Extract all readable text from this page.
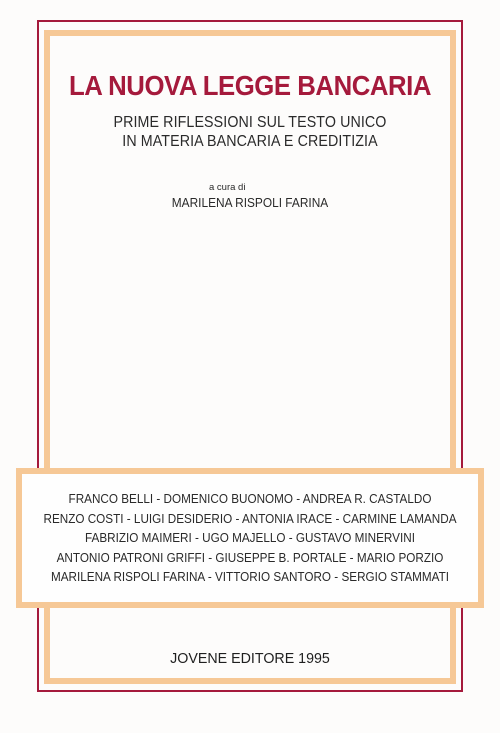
LA NUOVA LEGGE BANCARIA
PRIME RIFLESSIONI SUL TESTO UNICO
IN MATERIA BANCARIA E CREDITIZIA
a cura di
MARILENA RISPOLI FARINA
FRANCO BELLI - DOMENICO BUONOMO - ANDREA R. CASTALDO
RENZO COSTI - LUIGI DESIDERIO - ANTONIA IRACE - CARMINE LAMANDA
FABRIZIO MAIMERI - UGO MAJELLO - GUSTAVO MINERVINI
ANTONIO PATRONI GRIFFI - GIUSEPPE B. PORTALE - MARIO PORZIO
MARILENA RISPOLI FARINA - VITTORIO SANTORO - SERGIO STAMMATI
JOVENE EDITORE 1995
